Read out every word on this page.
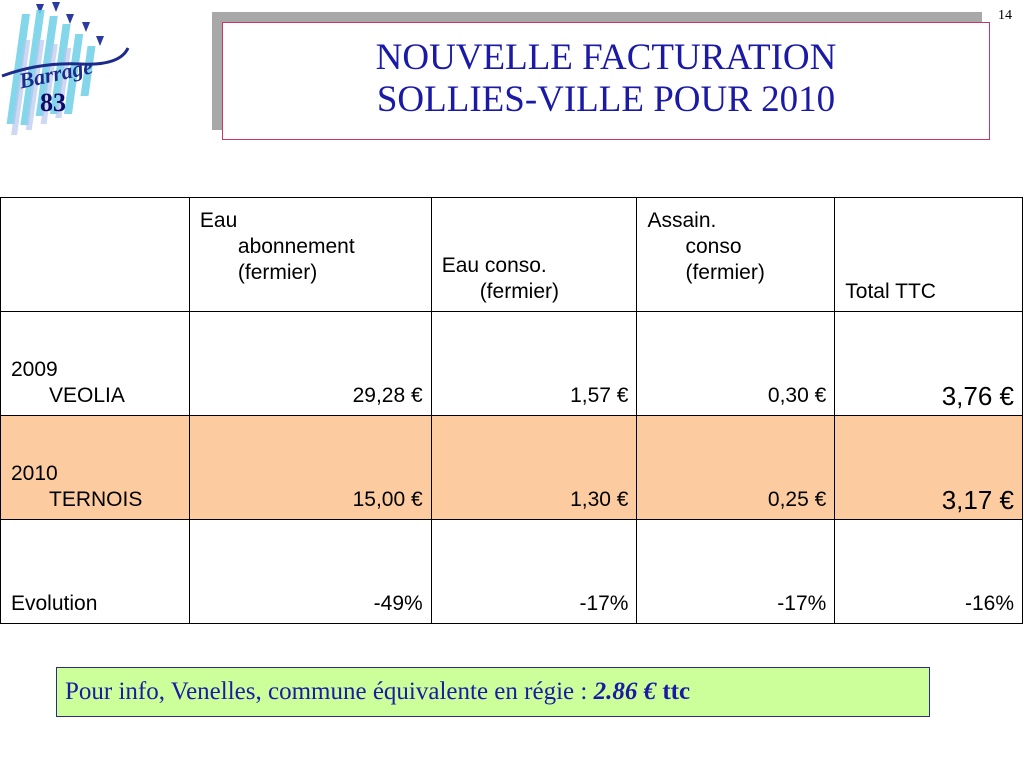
14
Barrage
83
NOUVELLE FACTURATION
SOLLIES-VILLE POUR 2010
	Eau
abonnement
(fermier)	Eau conso.
(fermier)	Assain.
conso
(fermier)	Total TTC
2009
VEOLIA	29,28 €	1,57 €	0,30 €	3,76 €
2010
TERNOIS	15,00 €	1,30 €	0,25 €	3,17 €
Evolution	-49%	-17%	-17%	-16%
Pour info, Venelles, commune équivalente en régie : 2.86 € ttc
